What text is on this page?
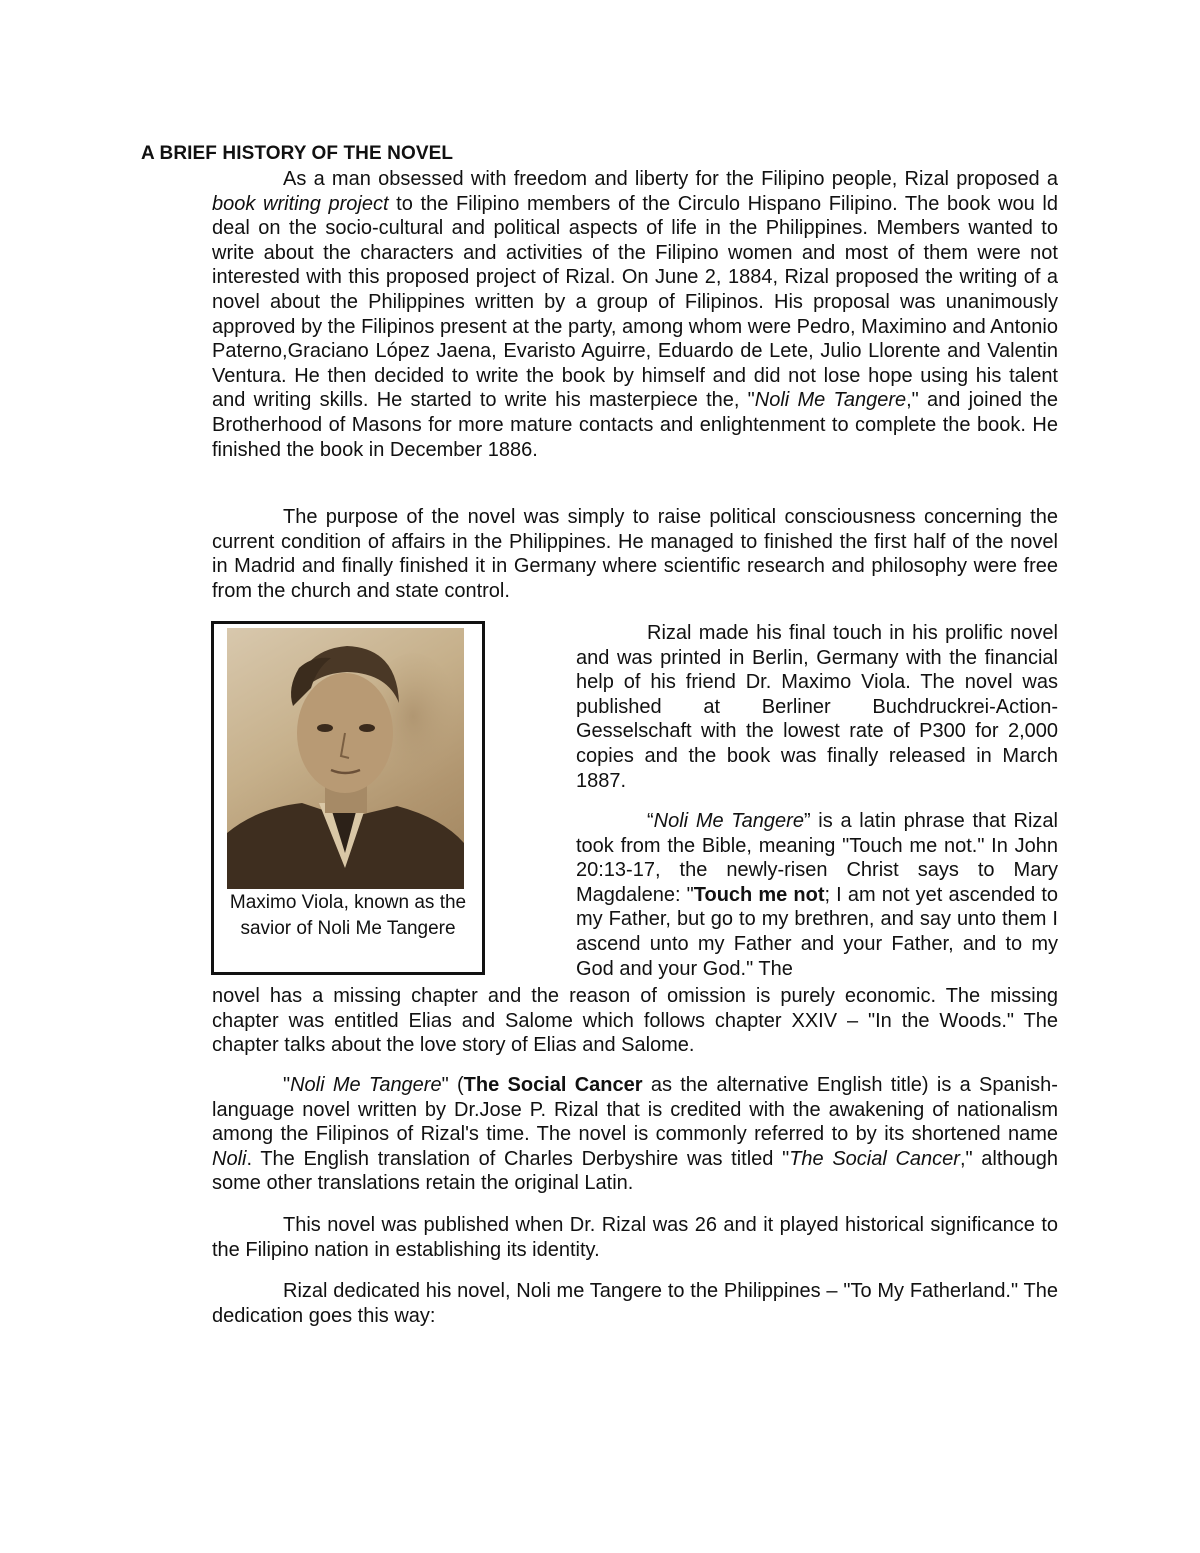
A BRIEF HISTORY OF THE NOVEL

As a man obsessed with freedom and liberty for the Filipino people, Rizal proposed a book writing project to the Filipino members of the Circulo Hispano Filipino. The book wou ld deal on the socio-cultural and political aspects of life in the Philippines. Members wanted to write about the characters and activities of the Filipino women and most of them were not interested with this proposed project of Rizal. On June 2, 1884, Rizal proposed the writing of a novel about the Philippines written by a group of Filipinos. His proposal was unanimously approved by the Filipinos present at the party, among whom were Pedro, Maximino and Antonio Paterno,Graciano López Jaena, Evaristo Aguirre, Eduardo de Lete, Julio Llorente and Valentin Ventura. He then decided to write the book by himself and did not lose hope using his talent and writing skills. He started to write his masterpiece the, "Noli Me Tangere," and joined the Brotherhood of Masons for more mature contacts and enlightenment to complete the book. He finished the book in December 1886.

The purpose of the novel was simply to raise political consciousness concerning the current condition of affairs in the Philippines. He managed to finished the first half of the novel in Madrid and finally finished it in Germany where scientific research and philosophy were free from the church and state control.

Maximo Viola, known as the savior of Noli Me Tangere

Rizal made his final touch in his prolific novel and was printed in Berlin, Germany with the financial help of his friend Dr. Maximo Viola. The novel was published at Berliner Buchdruckrei-Action-Gesselschaft with the lowest rate of P300 for 2,000 copies and the book was finally released in March 1887.

“Noli Me Tangere” is a latin phrase that Rizal took from the Bible, meaning "Touch me not." In John 20:13-17, the newly-risen Christ says to Mary Magdalene: "Touch me not; I am not yet ascended to my Father, but go to my brethren, and say unto them I ascend unto my Father and your Father, and to my God and your God." The

novel has a missing chapter and the reason of omission is purely economic. The missing chapter was entitled Elias and Salome which follows chapter XXIV – "In the Woods." The chapter talks about the love story of Elias and Salome.

"Noli Me Tangere" (The Social Cancer as the alternative English title) is a Spanish-language novel written by Dr.Jose P. Rizal that is credited with the awakening of nationalism among the Filipinos of Rizal's time. The novel is commonly referred to by its shortened name Noli. The English translation of Charles Derbyshire was titled "The Social Cancer," although some other translations retain the original Latin.

This novel was published when Dr. Rizal was 26 and it played historical significance to the Filipino nation in establishing its identity.

Rizal dedicated his novel, Noli me Tangere to the Philippines – "To My Fatherland." The dedication goes this way:
